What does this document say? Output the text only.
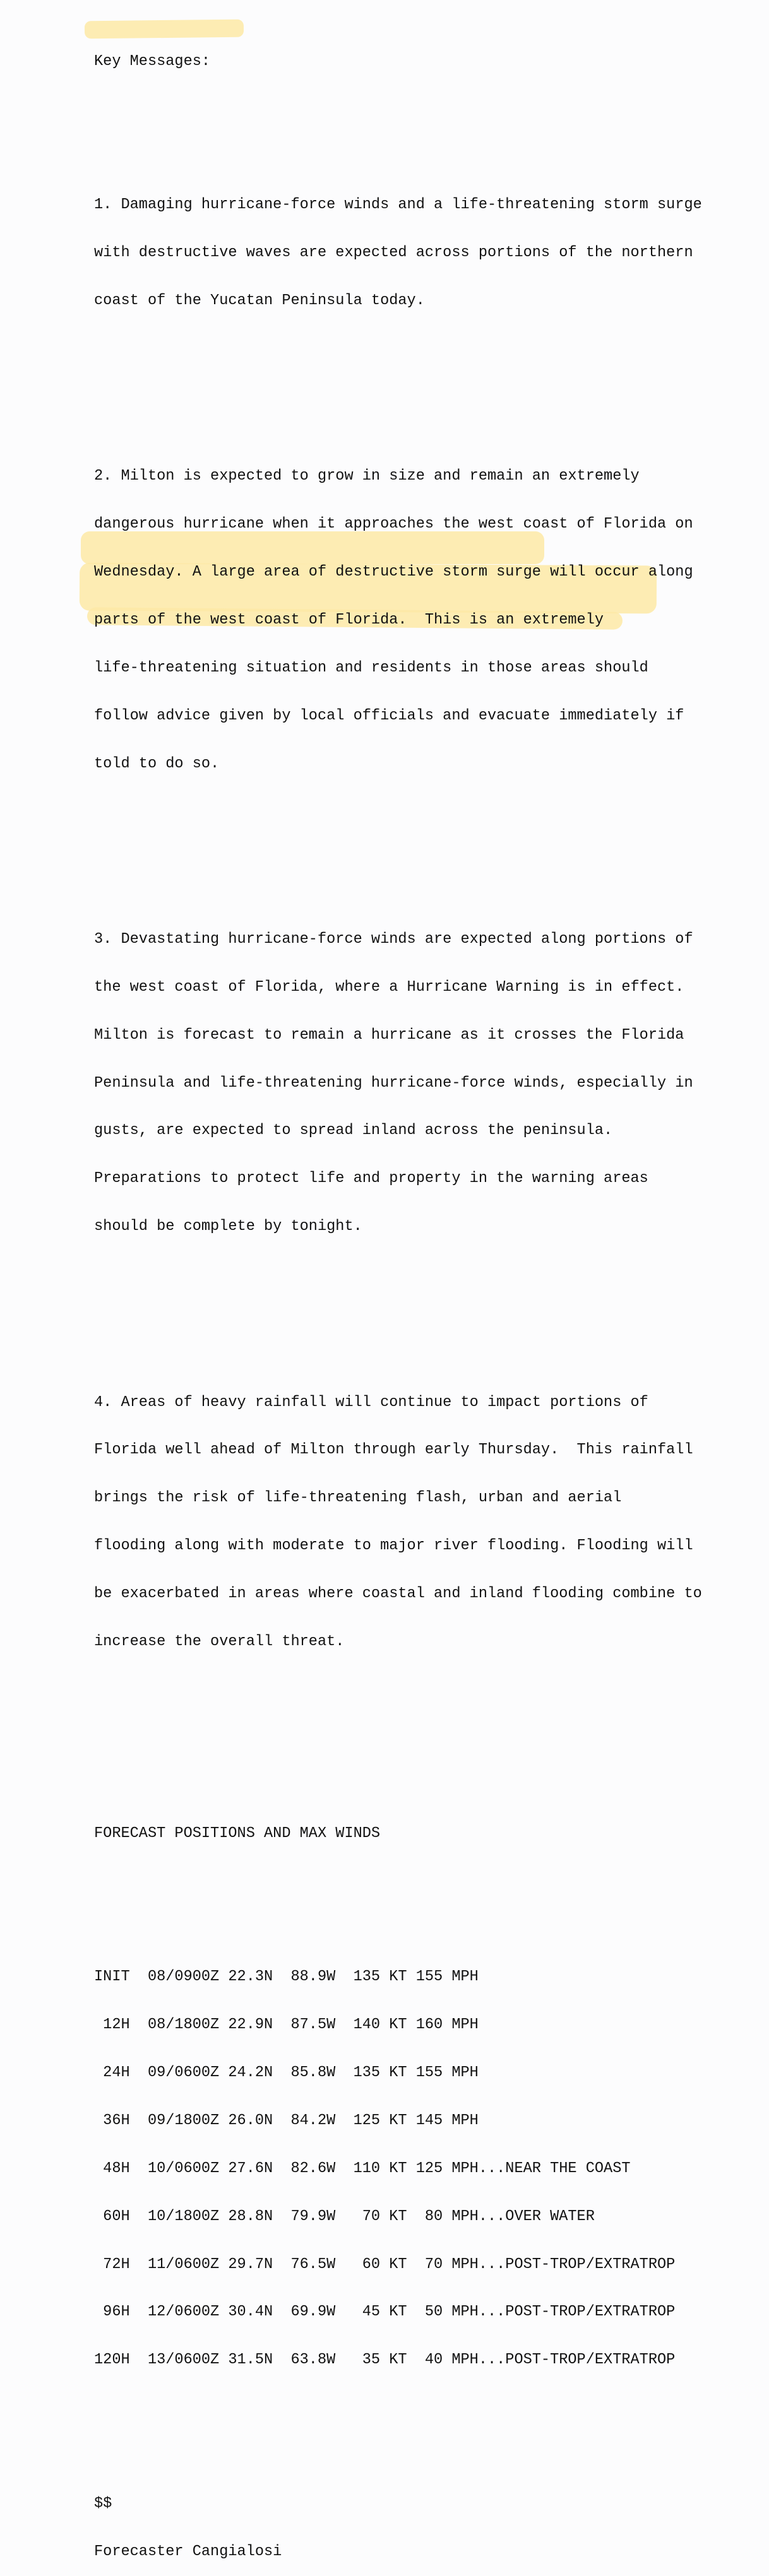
Key Messages:

1. Damaging hurricane-force winds and a life-threatening storm surge

with destructive waves are expected across portions of the northern

coast of the Yucatan Peninsula today.

2. Milton is expected to grow in size and remain an extremely

dangerous hurricane when it approaches the west coast of Florida on

Wednesday. A large area of destructive storm surge will occur along

parts of the west coast of Florida.  This is an extremely

life-threatening situation and residents in those areas should

follow advice given by local officials and evacuate immediately if

told to do so.

3. Devastating hurricane-force winds are expected along portions of

the west coast of Florida, where a Hurricane Warning is in effect.

Milton is forecast to remain a hurricane as it crosses the Florida

Peninsula and life-threatening hurricane-force winds, especially in

gusts, are expected to spread inland across the peninsula.

Preparations to protect life and property in the warning areas

should be complete by tonight.

4. Areas of heavy rainfall will continue to impact portions of

Florida well ahead of Milton through early Thursday.  This rainfall

brings the risk of life-threatening flash, urban and aerial

flooding along with moderate to major river flooding. Flooding will

be exacerbated in areas where coastal and inland flooding combine to

increase the overall threat.

FORECAST POSITIONS AND MAX WINDS

INIT  08/0900Z 22.3N  88.9W  135 KT 155 MPH

12H  08/1800Z 22.9N  87.5W  140 KT 160 MPH

24H  09/0600Z 24.2N  85.8W  135 KT 155 MPH

36H  09/1800Z 26.0N  84.2W  125 KT 145 MPH

48H  10/0600Z 27.6N  82.6W  110 KT 125 MPH...NEAR THE COAST

60H  10/1800Z 28.8N  79.9W   70 KT  80 MPH...OVER WATER

72H  11/0600Z 29.7N  76.5W   60 KT  70 MPH...POST-TROP/EXTRATROP

96H  12/0600Z 30.4N  69.9W   45 KT  50 MPH...POST-TROP/EXTRATROP

120H  13/0600Z 31.5N  63.8W   35 KT  40 MPH...POST-TROP/EXTRATROP

$$

Forecaster Cangialosi
